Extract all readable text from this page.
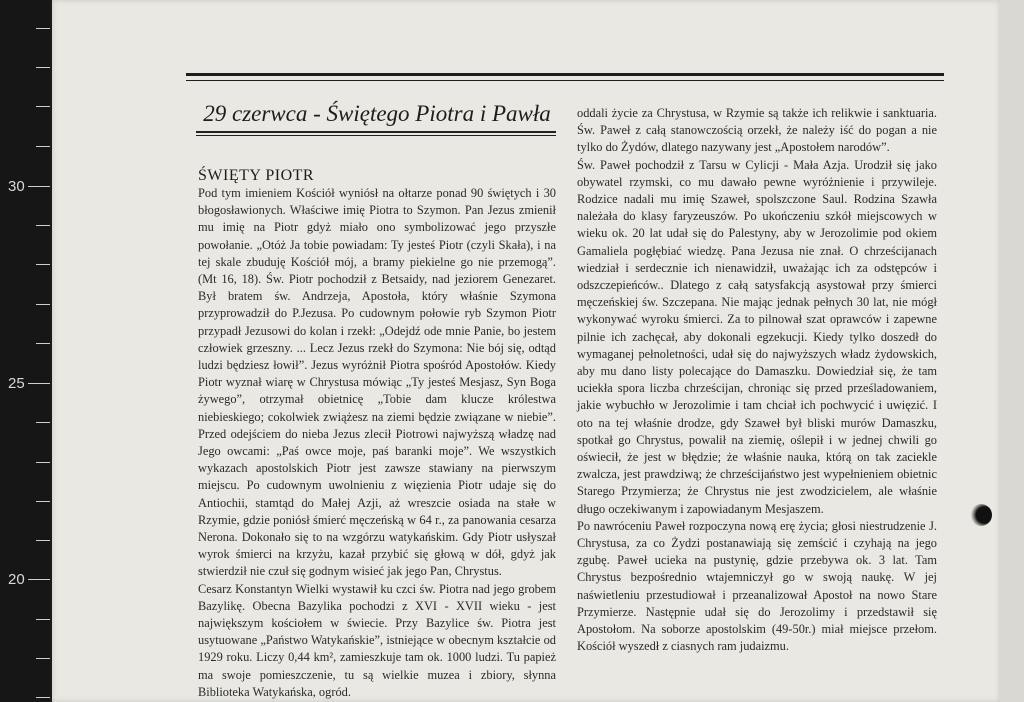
30
25
20
29 czerwca - Świętego Piotra i Pawła
ŚWIĘTY PIOTR

Pod tym imieniem Kościół wyniósł na ołtarze ponad 90 świętych i 30 błogosławionych. Właściwe imię Piotra to Szymon. Pan Jezus zmienił mu imię na Piotr gdyż miało ono symbolizować jego przyszłe powołanie. „Otóż Ja tobie powiadam: Ty jesteś Piotr (czyli Skała), i na tej skale zbuduję Kościół mój, a bramy piekielne go nie przemogą”. (Mt 16, 18). Św. Piotr pochodził z Betsaidy, nad jeziorem Genezaret. Był bratem św. Andrzeja, Apostoła, który właśnie Szymona przyprowadził do P.Jezusa. Po cudownym połowie ryb Szymon Piotr przypadł Jezusowi do kolan i rzekł: „Odejdź ode mnie Panie, bo jestem człowiek grzeszny. ... Lecz Jezus rzekł do Szymona: Nie bój się, odtąd ludzi będziesz łowił”. Jezus wyróżnił Piotra spośród Apostołów. Kiedy Piotr wyznał wiarę w Chrystusa mówiąc „Ty jesteś Mesjasz, Syn Boga żywego”, otrzymał obietnicę „Tobie dam klucze królestwa niebieskiego; cokolwiek zwiążesz na ziemi będzie związane w niebie”. Przed odejściem do nieba Jezus zlecił Piotrowi najwyższą władzę nad Jego owcami: „Paś owce moje, paś baranki moje”. We wszystkich wykazach apostolskich Piotr jest zawsze stawiany na pierwszym miejscu. Po cudownym uwolnieniu z więzienia Piotr udaje się do Antiochii, stamtąd do Małej Azji, aż wreszcie osiada na stałe w Rzymie, gdzie poniósł śmierć męczeńską w 64 r., za panowania cesarza Nerona. Dokonało się to na wzgórzu watykańskim. Gdy Piotr usłyszał wyrok śmierci na krzyżu, kazał przybić się głową w dół, gdyż jak stwierdził nie czuł się godnym wisieć jak jego Pan, Chrystus.

Cesarz Konstantyn Wielki wystawił ku czci św. Piotra nad jego grobem Bazylikę. Obecna Bazylika pochodzi z XVI - XVII wieku - jest największym kościołem w świecie. Przy Bazylice św. Piotra jest usytuowane „Państwo Watykańskie”, istniejące w obecnym kształcie od 1929 roku. Liczy 0,44 km², zamieszkuje tam ok. 1000 ludzi. Tu papież ma swoje pomieszczenie, tu są wielkie muzea i zbiory, słynna Biblioteka Watykańska, ogród.

oddali życie za Chrystusa, w Rzymie są także ich relikwie i sanktuaria. Św. Paweł z całą stanowczością orzekł, że należy iść do pogan a nie tylko do Żydów, dlatego nazywany jest „Apostołem narodów”.

Św. Paweł pochodził z Tarsu w Cylicji - Mała Azja. Urodził się jako obywatel rzymski, co mu dawało pewne wyróżnienie i przywileje. Rodzice nadali mu imię Szaweł, spolszczone Saul. Rodzina Szawła należała do klasy faryzeuszów. Po ukończeniu szkół miejscowych w wieku ok. 20 lat udał się do Palestyny, aby w Jerozolimie pod okiem Gamaliela pogłębiać wiedzę. Pana Jezusa nie znał. O chrześcijanach wiedział i serdecznie ich nienawidził, uważając ich za odstępców i odszczepieńców.. Dlatego z całą satysfakcją asystował przy śmierci męczeńskiej św. Szczepana. Nie mając jednak pełnych 30 lat, nie mógł wykonywać wyroku śmierci. Za to pilnował szat oprawców i zapewne pilnie ich zachęcał, aby dokonali egzekucji. Kiedy tylko doszedł do wymaganej pełnoletności, udał się do najwyższych władz żydowskich, aby mu dano listy polecające do Damaszku. Dowiedział się, że tam uciekła spora liczba chrześcijan, chroniąc się przed prześladowaniem, jakie wybuchło w Jerozolimie i tam chciał ich pochwycić i uwięzić. I oto na tej właśnie drodze, gdy Szaweł był bliski murów Damaszku, spotkał go Chrystus, powalił na ziemię, oślepił i w jednej chwili go oświecił, że jest w błędzie; że właśnie nauka, którą on tak zaciekle zwalcza, jest prawdziwą; że chrześcijaństwo jest wypełnieniem obietnic Starego Przymierza; że Chrystus nie jest zwodzicielem, ale właśnie długo oczekiwanym i zapowiadanym Mesjaszem.

Po nawróceniu Paweł rozpoczyna nową erę życia; głosi niestrudzenie J. Chrystusa, za co Żydzi postanawiają się zemścić i czyhają na jego zgubę. Paweł ucieka na pustynię, gdzie przebywa ok. 3 lat. Tam Chrystus bezpośrednio wtajemniczył go w swoją naukę. W jej naświetleniu przestudiował i przeanalizował Apostoł na nowo Stare Przymierze. Następnie udał się do Jerozolimy i przedstawił się Apostołom. Na soborze apostolskim (49-50r.) miał miejsce przełom. Kościół wyszedł z ciasnych ram judaizmu.
